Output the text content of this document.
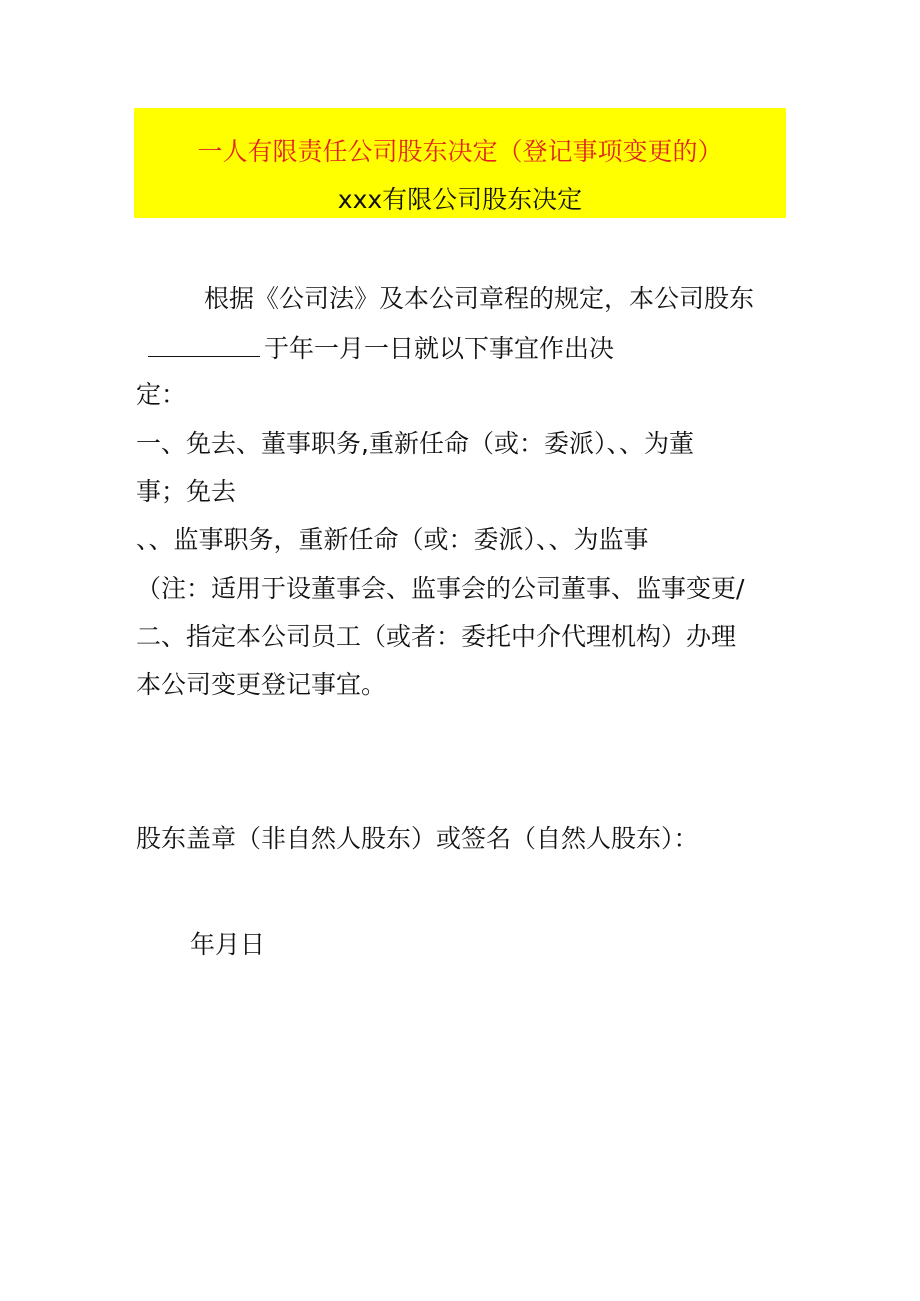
一人有限责任公司股东决定（登记事项变更的）
xxx有限公司股东决定
根据《公司法》及本公司章程的规定，本公司股东
于年一月一日就以下事宜作出决
定：
一、免去、董事职务,重新任命（或：委派）、、为董
事；免去
、、监事职务，重新任命（或：委派）、、为监事
（注：适用于设董事会、监事会的公司董事、监事变更/
二、指定本公司员工（或者：委托中介代理机构）办理
本公司变更登记事宜。
股东盖章（非自然人股东）或签名（自然人股东）：
年月日
